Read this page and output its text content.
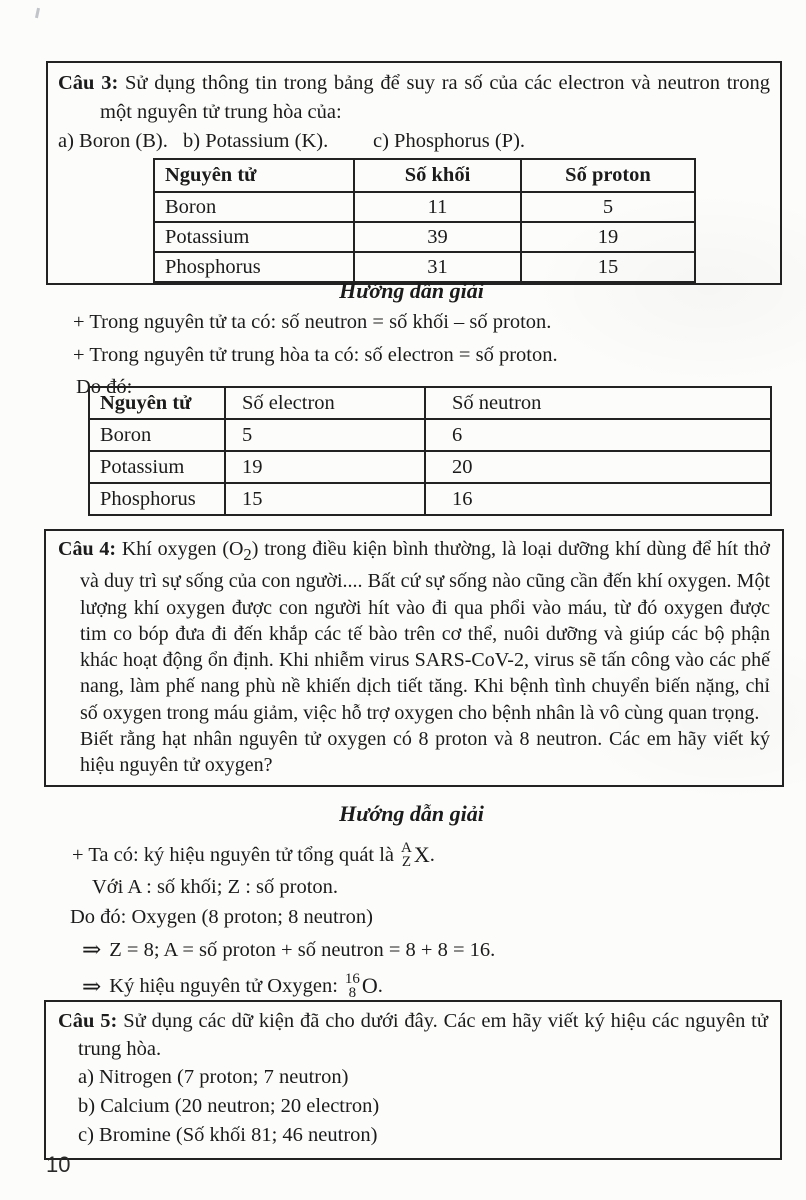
Câu 3: Sử dụng thông tin trong bảng để suy ra số của các electron và neutron trong một nguyên tử trung hòa của:

a) Boron (B). b) Potassium (K).	c) Phosphorus (P).
Nguyên tử	Số khối	Số proton
Boron	11	5
Potassium	39	19
Phosphorus	31	15
Hướng dẫn giải
+ Trong nguyên tử ta có: số neutron = số khối – số proton.
+ Trong nguyên tử trung hòa ta có: số electron = số proton.
Do đó:
Nguyên tử	Số electron	Số neutron
Boron	5	6
Potassium	19	20
Phosphorus	15	16

Câu 4: Khí oxygen $(O_2)$ trong điều kiện bình thường, là loại dưỡng khí dùng để hít thở và duy trì sự sống của con người.... Bất cứ sự sống nào cũng cần đến khí oxygen. Một lượng khí oxygen được con người hít vào đi qua phổi vào máu, từ đó oxygen được tim co bóp đưa đi đến khắp các tế bào trên cơ thể, nuôi dưỡng và giúp các bộ phận khác hoạt động ổn định. Khi nhiễm virus SARS-CoV-2, virus sẽ tấn công vào các phế nang, làm phế nang phù nề khiến dịch tiết tăng. Khi bệnh tình chuyển biến nặng, chỉ số oxygen trong máu giảm, việc hỗ trợ oxygen cho bệnh nhân là vô cùng quan trọng.

Biết rằng hạt nhân nguyên tử oxygen có 8 proton và 8 neutron. Các em hãy viết ký hiệu nguyên tử oxygen?

Hướng dẫn giải
+ Ta có: ký hiệu nguyên tử tổng quát là A
Z X .
Với A : số khối; Z : số proton.
Do đó: Oxygen (8 proton; 8 neutron)
⇒ Z = 8; A = số proton + số neutron = 8 + 8 = 16.
⇒ Ký hiệu nguyên tử Oxygen: 16
8 O .

Câu 5: Sử dụng các dữ kiện đã cho dưới đây. Các em hãy viết ký hiệu các nguyên tử trung hòa.

a) Nitrogen (7 proton; 7 neutron)
b) Calcium (20 neutron; 20 electron)
c) Bromine (Số khối 81; 46 neutron)
10
